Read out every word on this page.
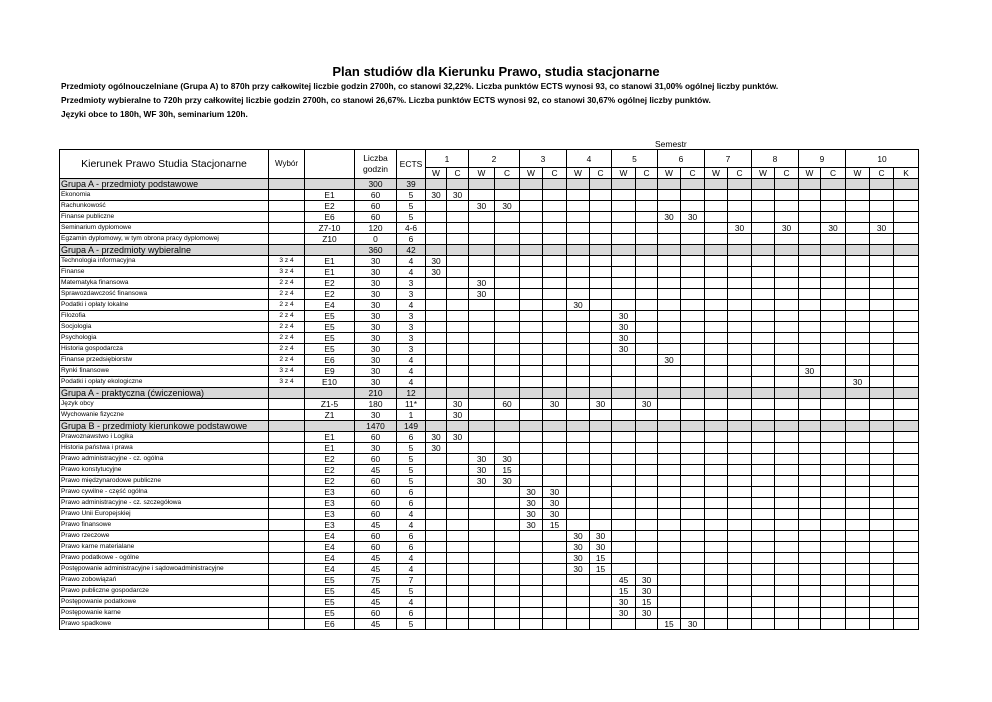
Plan studiów dla Kierunku Prawo, studia stacjonarne
Przedmioty ogólnouczelniane (Grupa A) to 870h przy całkowitej liczbie godzin 2700h, co stanowi 32,22%. Liczba punktów ECTS wynosi 93, co stanowi 31,00% ogólnej liczby punktów.
Przedmioty wybieralne to 720h przy całkowitej liczbie godzin 2700h, co stanowi 26,67%. Liczba punktów ECTS wynosi 92, co stanowi 30,67% ogólnej liczby punktów.
Języki obce to 180h, WF 30h, seminarium 120h.
Semestr
Kierunek Prawo Studia Stacjonarne	Wybór		Liczba godzin	ECTS	1		2		3		4		5		6		7		8		9		10		
					W	C	W	C	W	C	W	C	W	C	W	C	W	C	W	C	W	C	W	C	K
Grupa A - przedmioty podstawowe			300	39																					
Ekonomia		E1	60	5	30	30																			
Rachunkowość		E2	60	5			30	30																	
Finanse publiczne		E6	60	5											30	30									
Seminarium dyplomowe		Z7-10	120	4-6														30		30		30		30	
Egzamin dyplomowy, w tym obrona pracy dyplomowej		Z10	0	6																					
Grupa A - przedmioty wybieralne			360	42																					
Technologia informacyjna	3 z 4	E1	30	4	30																				
Finanse	3 z 4	E1	30	4	30																				
Matematyka finansowa	2 z 4	E2	30	3			30																		
Sprawozdawczość finansowa	2 z 4	E2	30	3			30																		
Podatki i opłaty lokalne	2 z 4	E4	30	4							30														
Filozofia	2 z 4	E5	30	3									30												
Socjologia	2 z 4	E5	30	3									30												
Psychologia	2 z 4	E5	30	3									30												
Historia gospodarcza	2 z 4	E5	30	3									30												
Finanse przedsiębiorstw	2 z 4	E6	30	4											30										
Rynki finansowe	3 z 4	E9	30	4																	30				
Podatki i opłaty ekologiczne	3 z 4	E10	30	4																			30		
Grupa A - praktyczna (ćwiczeniowa)			210	12																					
Język obcy		Z1-5	180	11*		30		60		30		30		30											
Wychowanie fizyczne		Z1	30	1		30																			
Grupa B - przedmioty kierunkowe podstawowe			1470	149																					
Prawoznawstwo i Logika		E1	60	6	30	30																			
Historia państwa i prawa		E1	30	5	30																				
Prawo administracyjne - cz. ogólna		E2	60	5			30	30																	
Prawo konstytucyjne		E2	45	5			30	15																	
Prawo międzynarodowe publiczne		E2	60	5			30	30																	
Prawo cywilne - część ogólna		E3	60	6					30	30															
Prawo administracyjne - cz. szczegółowa		E3	60	6					30	30															
Prawo Unii Europejskiej		E3	60	4					30	30															
Prawo finansowe		E3	45	4					30	15															
Prawo rzeczowe		E4	60	6							30	30													
Prawo karne materialane		E4	60	6							30	30													
Prawo podatkowe - ogólne		E4	45	4							30	15													
Postępowanie administracyjne i sądowoadministracyjne		E4	45	4							30	15													
Prawo zobowiązań		E5	75	7									45	30											
Prawo publiczne gospodarcze		E5	45	5									15	30											
Postępowanie podatkowe		E5	45	4									30	15											
Postępowanie karne		E5	60	6									30	30											
Prawo spadkowe		E6	45	5											15	30									
